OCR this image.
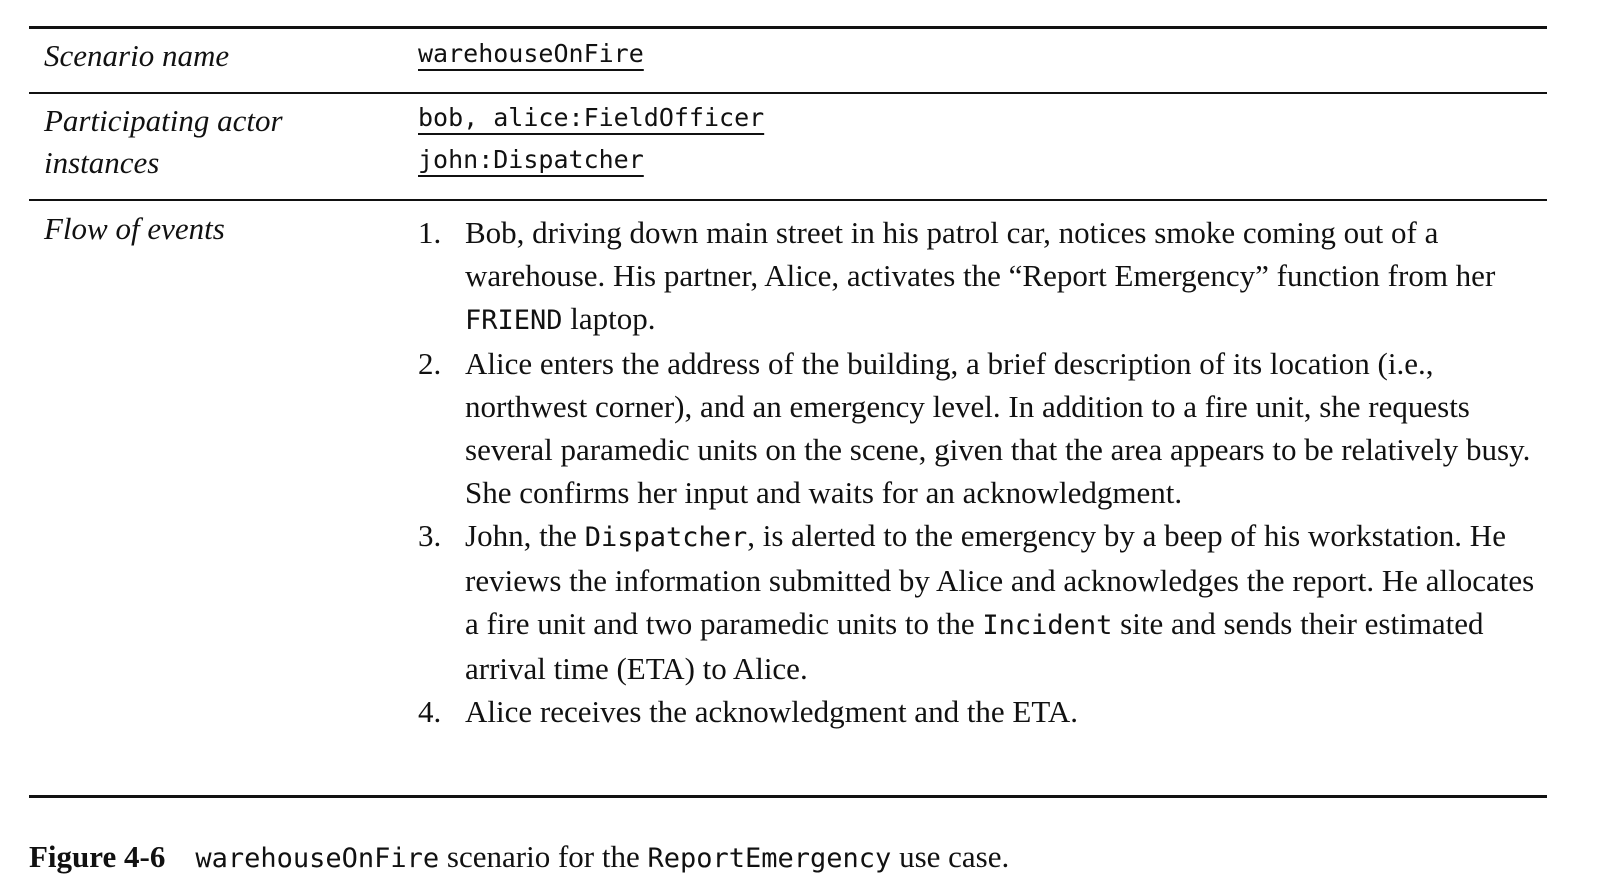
Scenario name	warehouseOnFire
Participating actor
instances
bob, alice:FieldOfficer
john:Dispatcher
Flow of events	1. Bob, driving down main street in his patrol car, notices smoke coming out of a warehouse. His partner, Alice, activates the “Report Emergency” function from her FRIEND laptop.
2. Alice enters the address of the building, a brief description of its location (i.e., northwest corner), and an emergency level. In addition to a fire unit, she requests several paramedic units on the scene, given that the area appears to be relatively busy. She confirms her input and waits for an acknowledgment.
3. John, the Dispatcher, is alerted to the emergency by a beep of his workstation. He reviews the information submitted by Alice and acknowledges the report. He allocates a fire unit and two paramedic units to the Incident site and sends their estimated arrival time (ETA) to Alice.
4. Alice receives the acknowledgment and the ETA.
Figure 4-6 warehouseOnFire scenario for the ReportEmergency use case.
